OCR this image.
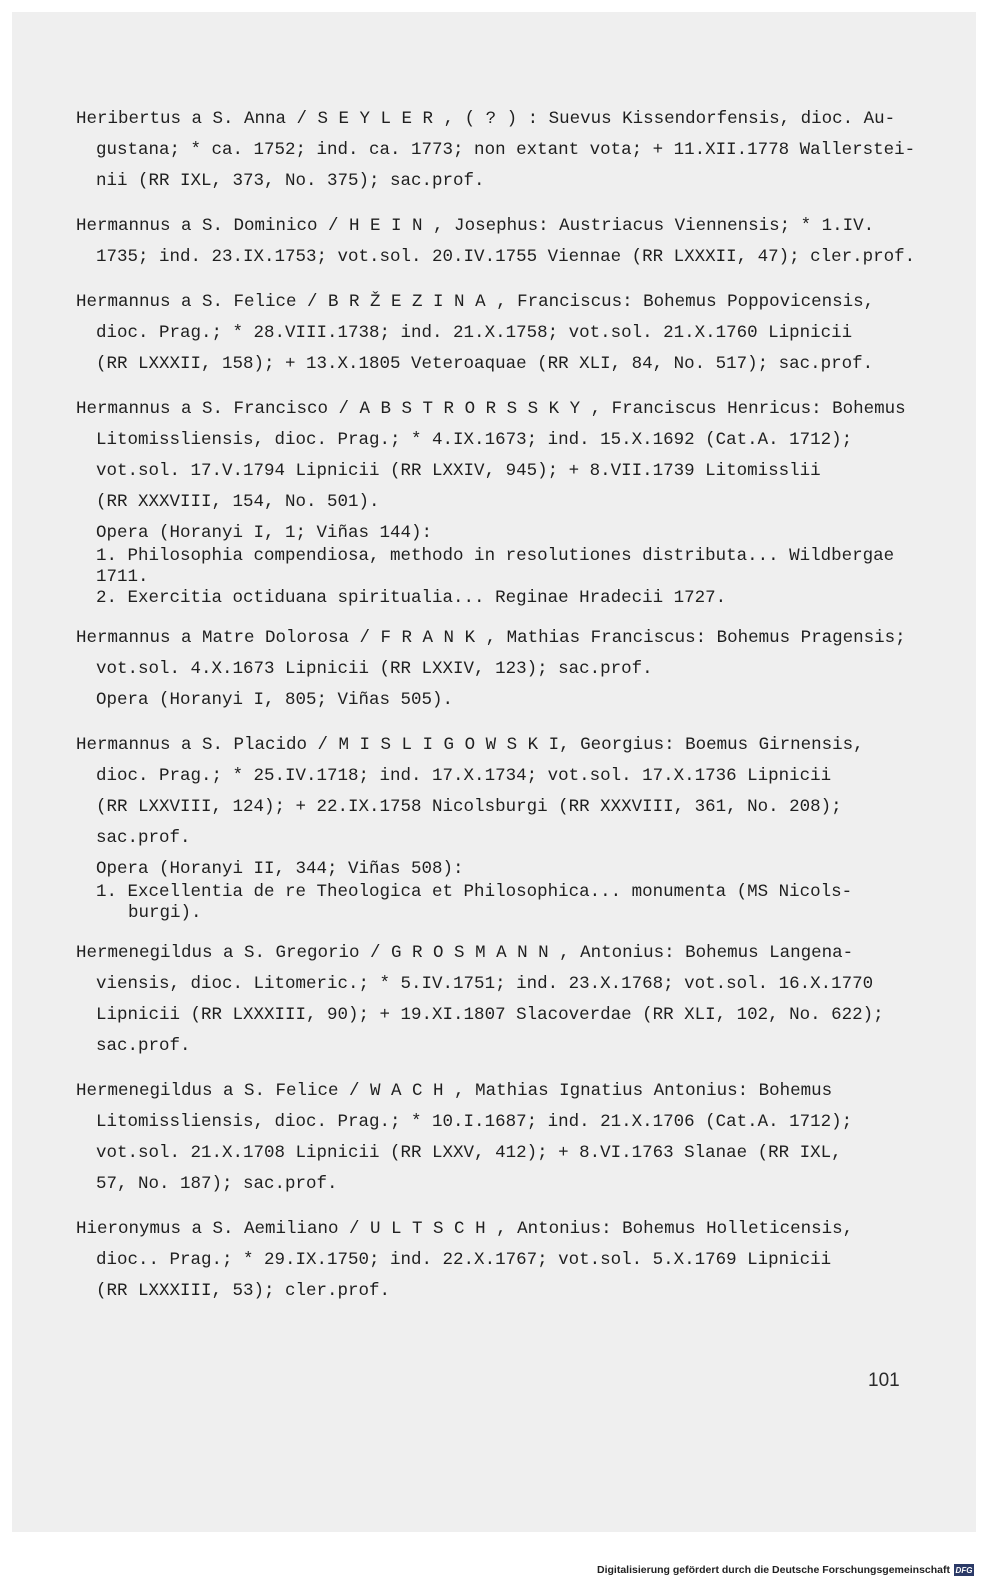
Heribertus a S. Anna / S E Y L E R , ( ? ) : Suevus Kissendorfensis, dioc. Au-
gustana; * ca. 1752; ind. ca. 1773; non extant vota; + 11.XII.1778 Wallerstei-
nii (RR IXL, 373, No. 375); sac.prof.
Hermannus a S. Dominico / H E I N , Josephus: Austriacus Viennensis; * 1.IV.
1735; ind. 23.IX.1753; vot.sol. 20.IV.1755 Viennae (RR LXXXII, 47); cler.prof.
Hermannus a S. Felice / B R Ž E Z I N A , Franciscus: Bohemus Poppovicensis,
dioc. Prag.; * 28.VIII.1738; ind. 21.X.1758; vot.sol. 21.X.1760 Lipnicii
(RR LXXXII, 158); + 13.X.1805 Veteroaquae (RR XLI, 84, No. 517); sac.prof.
Hermannus a S. Francisco / A B S T R O R S S K Y , Franciscus Henricus: Bohemus
Litomissliensis, dioc. Prag.; * 4.IX.1673; ind. 15.X.1692 (Cat.A. 1712);
vot.sol. 17.V.1794 Lipnicii (RR LXXIV, 945); + 8.VII.1739 Litomisslii
(RR XXXVIII, 154, No. 501).
Opera (Horanyi I, 1; Viñas 144):
1. Philosophia compendiosa, methodo in resolutiones distributa... Wildbergae
1711.
2. Exercitia octiduana spiritualia... Reginae Hradecii 1727.
Hermannus a Matre Dolorosa / F R A N K , Mathias Franciscus: Bohemus Pragensis;
vot.sol. 4.X.1673 Lipnicii (RR LXXIV, 123); sac.prof.
Opera (Horanyi I, 805; Viñas 505).
Hermannus a S. Placido / M I S L I G O W S K I, Georgius: Boemus Girnensis,
dioc. Prag.; * 25.IV.1718; ind. 17.X.1734; vot.sol. 17.X.1736 Lipnicii
(RR LXXVIII, 124); + 22.IX.1758 Nicolsburgi (RR XXXVIII, 361, No. 208);
sac.prof.
Opera (Horanyi II, 344; Viñas 508):
1. Excellentia de re Theologica et Philosophica... monumenta (MS Nicols-
burgi).
Hermenegildus a S. Gregorio / G R O S M A N N , Antonius: Bohemus Langena-
viensis, dioc. Litomeric.; * 5.IV.1751; ind. 23.X.1768; vot.sol. 16.X.1770
Lipnicii (RR LXXXIII, 90); + 19.XI.1807 Slacoverdae (RR XLI, 102, No. 622);
sac.prof.
Hermenegildus a S. Felice / W A C H , Mathias Ignatius Antonius: Bohemus
Litomissliensis, dioc. Prag.; * 10.I.1687; ind. 21.X.1706 (Cat.A. 1712);
vot.sol. 21.X.1708 Lipnicii (RR LXXV, 412); + 8.VI.1763 Slanae (RR IXL,
57, No. 187); sac.prof.
Hieronymus a S. Aemiliano / U L T S C H , Antonius: Bohemus Holleticensis,
dioc.. Prag.; * 29.IX.1750; ind. 22.X.1767; vot.sol. 5.X.1769 Lipnicii
(RR LXXXIII, 53); cler.prof.
101
Digitalisierung gefördert durch die Deutsche Forschungsgemeinschaft DFG
